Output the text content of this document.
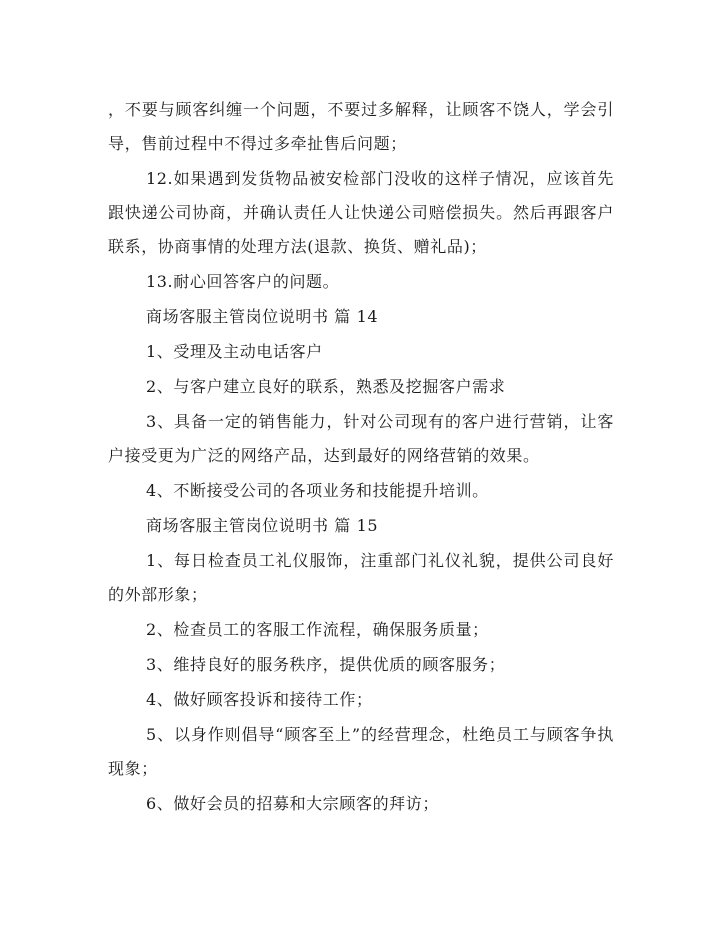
，不要与顾客纠缠一个问题，不要过多解释，让顾客不饶人，学会引导，售前过程中不得过多牵扯售后问题；

12.如果遇到发货物品被安检部门没收的这样子情况，应该首先跟快递公司协商，并确认责任人让快递公司赔偿损失。然后再跟客户联系，协商事情的处理方法(退款、换货、赠礼品)；

13.耐心回答客户的问题。

商场客服主管岗位说明书 篇 14

1、受理及主动电话客户

2、与客户建立良好的联系，熟悉及挖掘客户需求

3、具备一定的销售能力，针对公司现有的客户进行营销，让客户接受更为广泛的网络产品，达到最好的网络营销的效果。

4、不断接受公司的各项业务和技能提升培训。

商场客服主管岗位说明书 篇 15

1、每日检查员工礼仪服饰，注重部门礼仪礼貌，提供公司良好的外部形象；

2、检查员工的客服工作流程，确保服务质量；

3、维持良好的服务秩序，提供优质的顾客服务；

4、做好顾客投诉和接待工作；

5、以身作则倡导“顾客至上”的经营理念，杜绝员工与顾客争执现象；

6、做好会员的招募和大宗顾客的拜访；
